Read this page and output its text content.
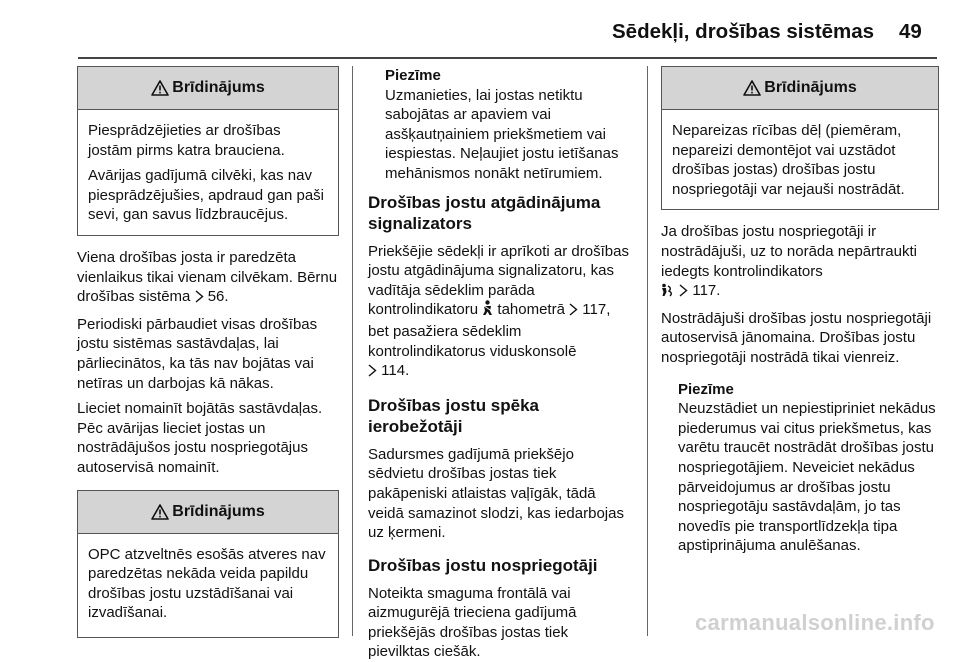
Sēdekļi, drošības sistēmas 49
Brīdinājums

Piesprādzējieties ar drošības jostām pirms katra brauciena.

Avārijas gadījumā cilvēki, kas nav piesprādzējušies, apdraud gan paši sevi, gan savus līdzbraucējus.

Viena drošības josta ir paredzēta vienlaikus tikai vienam cilvēkam. Bērnu drošības sistēma  56.

Periodiski pārbaudiet visas drošības jostu sistēmas sastāvdaļas, lai pārliecinātos, ka tās nav bojātas vai netīras un darbojas kā nākas.

Lieciet nomainīt bojātās sastāvdaļas. Pēc avārijas lieciet jostas un nostrādājušos jostu nospriegotājus autoservisā nomainīt.

Brīdinājums

OPC atzveltnēs esošās atveres nav paredzētas nekāda veida papildu drošības jostu uzstādīšanai vai izvadīšanai.

Piezīme
Uzmanieties, lai jostas netiktu sabojātas ar apaviem vai asšķautņainiem priekšmetiem vai iespiestas. Neļaujiet jostu ietīšanas mehānismos nonākt netīrumiem.
Drošības jostu atgādinājuma signalizators

Priekšējie sēdekļi ir aprīkoti ar drošības jostu atgādinājuma signalizatoru, kas vadītāja sēdeklim parāda kontrolindikatoru  tahometrā  117, bet pasažiera sēdeklim kontrolindikatorus viduskonsolē
114.

Drošības jostu spēka ierobežotāji

Sadursmes gadījumā priekšējo sēdvietu drošības jostas tiek pakāpeniski atlaistas vaļīgāk, tādā veidā samazinot slodzi, kas iedarbojas uz ķermeni.

Drošības jostu nospriegotāji

Noteikta smaguma frontālā vai aizmugurējā trieciena gadījumā priekšējās drošības jostas tiek pievilktas ciešāk.

Brīdinājums

Nepareizas rīcības dēļ (piemēram, nepareizi demontējot vai uzstādot drošības jostas) drošības jostu nospriegotāji var nejauši nostrādāt.

Ja drošības jostu nospriegotāji ir nostrādājuši, uz to norāda nepārtraukti iedegts kontrolindikators
117.

Nostrādājuši drošības jostu nospriegotāji autoservisā jānomaina. Drošības jostu nospriegotāji nostrādā tikai vienreiz.

Piezīme
Neuzstādiet un nepiestipriniet nekādus piederumus vai citus priekšmetus, kas varētu traucēt nostrādāt drošības jostu nospriegotājiem. Neveiciet nekādus pārveidojumus ar drošības jostu nospriegotāju sastāvdaļām, jo tas novedīs pie transportlīdzekļa tipa apstiprinājuma anulēšanas.
carmanualsonline.info
